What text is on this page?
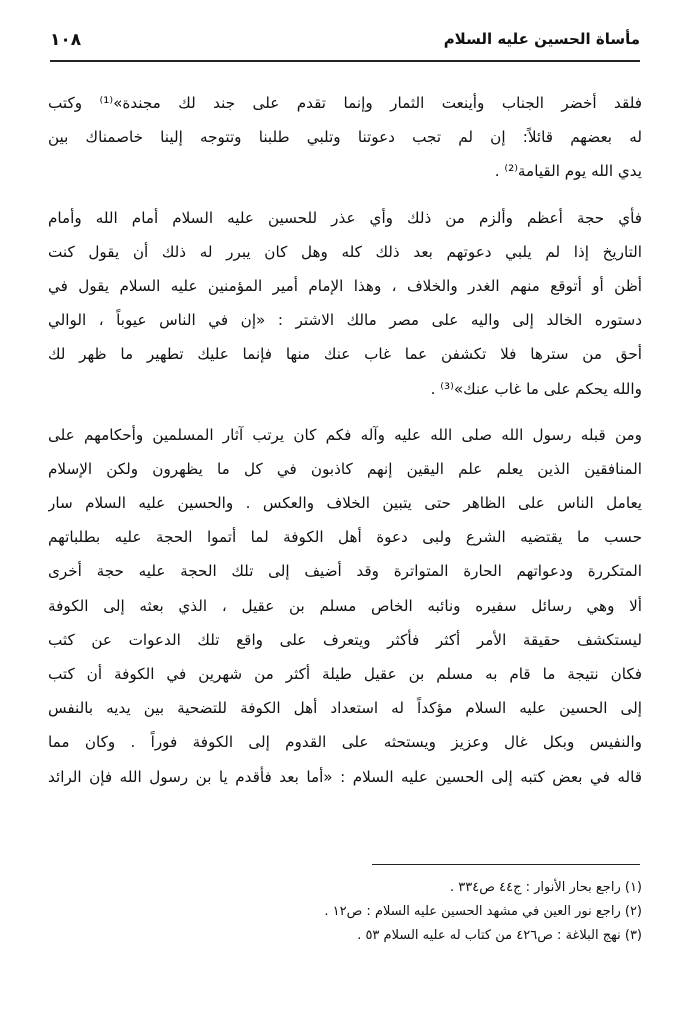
١٠٨	مأساة الحسين عليه السلام
فلقد أخضر الجناب وأينعت الثمار وإنما تقدم على جند لك مجندة»⁽¹⁾ وكتب
له بعضهم قائلاً: إن لم تجب دعوتنا وتلبي طلبنا وتتوجه إلينا خاصمناك بين
يدي الله يوم القيامة⁽²⁾ .
فأي حجة أعظم وألزم من ذلك وأي عذر للحسين عليه السلام أمام الله وأمام
التاريخ إذا لم يلبي دعوتهم بعد ذلك كله وهل كان يبرر له ذلك أن يقول كنت
أظن أو أتوقع منهم الغدر والخلاف ، وهذا الإمام أمير المؤمنين عليه السلام يقول في
دستوره الخالد إلى واليه على مصر مالك الاشتر : «إن في الناس عيوباً ، الوالي
أحق من سترها فلا تكشفن عما غاب عنك منها فإنما عليك تطهير ما ظهر لك
والله يحكم على ما غاب عنك»⁽³⁾ .
ومن قبله رسول الله صلى الله عليه وآله فكم كان يرتب آثار المسلمين وأحكامهم على
المنافقين الذين يعلم علم اليقين إنهم كاذبون في كل ما يظهرون ولكن الإسلام
يعامل الناس على الظاهر حتى يتبين الخلاف والعكس . والحسين عليه السلام سار
حسب ما يقتضيه الشرع ولبى دعوة أهل الكوفة لما أتموا الحجة عليه بطلباتهم
المتكررة ودعواتهم الحارة المتواترة وقد أضيف إلى تلك الحجة عليه حجة أخرى
ألا وهي رسائل سفيره ونائبه الخاص مسلم بن عقيل ، الذي بعثه إلى الكوفة
ليستكشف حقيقة الأمر أكثر فأكثر ويتعرف على واقع تلك الدعوات عن كثب
فكان نتيجة ما قام به مسلم بن عقيل طيلة أكثر من شهرين في الكوفة أن كتب
إلى الحسين عليه السلام مؤكداً له استعداد أهل الكوفة للتضحية بين يديه بالنفس
والنفيس وبكل غال وعزيز ويستحثه على القدوم إلى الكوفة فوراً . وكان مما
قاله في بعض كتبه إلى الحسين عليه السلام : «أما بعد فأقدم يا بن رسول الله فإن الرائد
(١) راجع بحار الأنوار : ج٤٤ ص٣٣٤ .
(٢) راجع نور العين في مشهد الحسين عليه السلام : ص١٢ .
(٣) نهج البلاغة : ص٤٢٦ من كتاب له عليه السلام ٥٣ .
